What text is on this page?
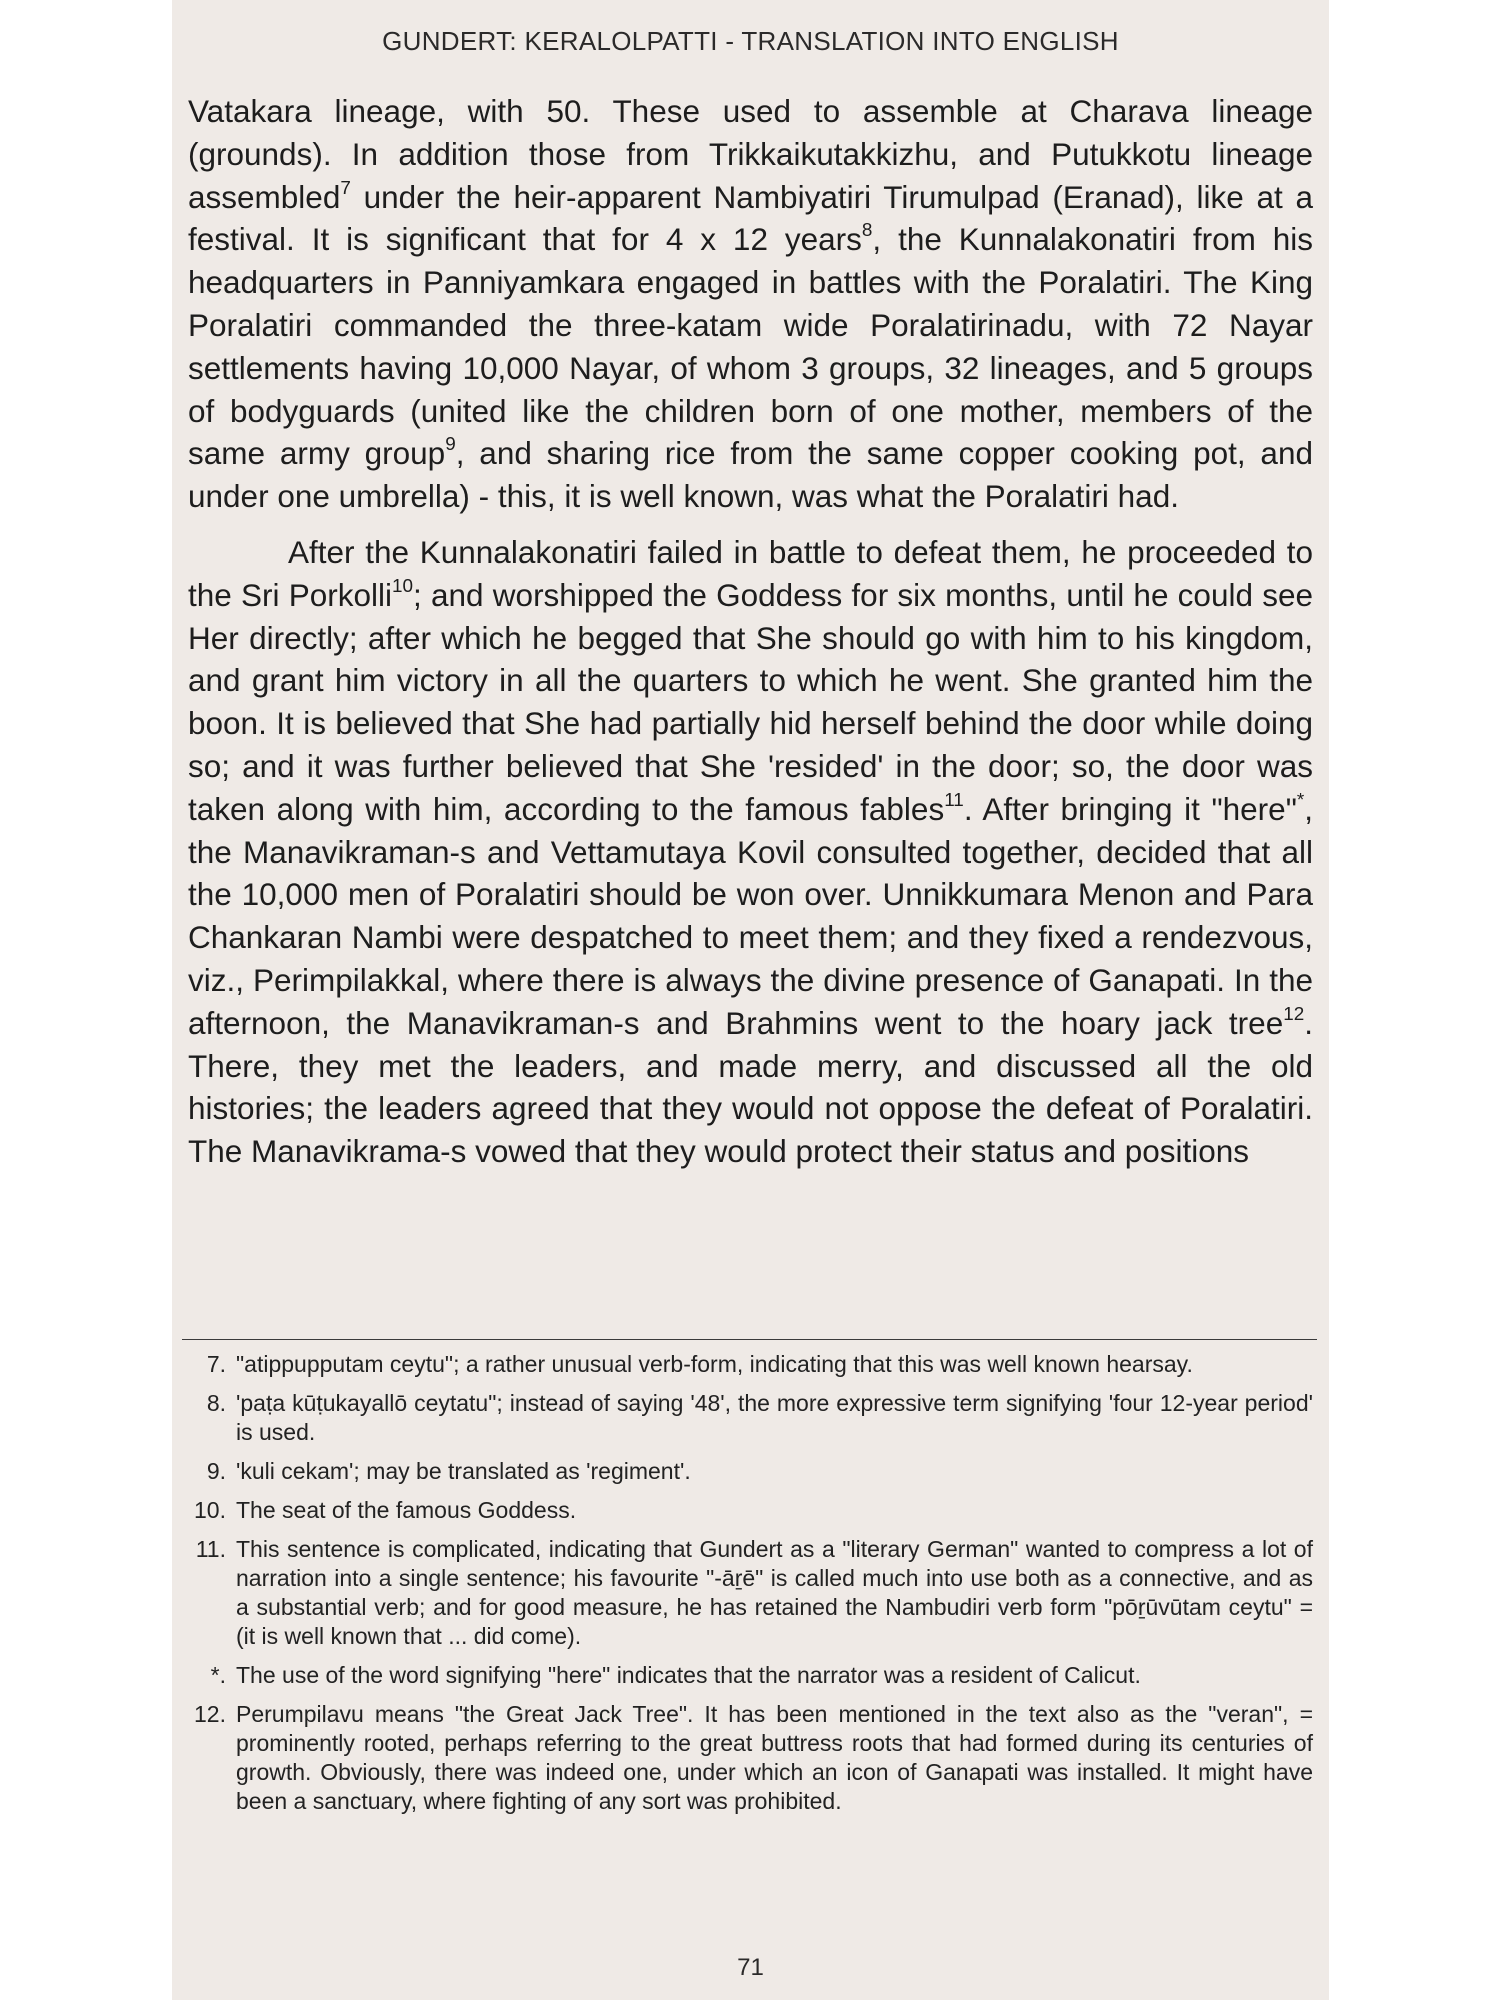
GUNDERT: KERALOLPATTI - TRANSLATION INTO ENGLISH

Vatakara lineage, with 50. These used to assemble at Charava lineage (grounds). In addition those from Trikkaikutakkizhu, and Putukkotu lineage assembled$^7$ under the heir-apparent Nambiyatiri Tirumulpad (Eranad), like at a festival. It is significant that for 4 x 12 years$^8$, the Kunnalakonatiri from his headquarters in Panniyamkara engaged in battles with the Poralatiri. The King Poralatiri commanded the three-katam wide Poralatirinadu, with 72 Nayar settlements having 10,000 Nayar, of whom 3 groups, 32 lineages, and 5 groups of bodyguards (united like the children born of one mother, members of the same army group$^9$, and sharing rice from the same copper cooking pot, and under one umbrella) - this, it is well known, was what the Poralatiri had.

After the Kunnalakonatiri failed in battle to defeat them, he proceeded to the Sri Porkolli$^{10}$; and worshipped the Goddess for six months, until he could see Her directly; after which he begged that She should go with him to his kingdom, and grant him victory in all the quarters to which he went. She granted him the boon. It is believed that She had partially hid herself behind the door while doing so; and it was further believed that She 'resided' in the door; so, the door was taken along with him, according to the famous fables$^{11}$. After bringing it "here"*, the Manavikraman-s and Vettamutaya Kovil consulted together, decided that all the 10,000 men of Poralatiri should be won over. Unnikkumara Menon and Para Chankaran Nambi were despatched to meet them; and they fixed a rendezvous, viz., Perimpilakkal, where there is always the divine presence of Ganapati. In the afternoon, the Manavikraman-s and Brahmins went to the hoary jack tree$^{12}$. There, they met the leaders, and made merry, and discussed all the old histories; the leaders agreed that they would not oppose the defeat of Poralatiri. The Manavikrama-s vowed that they would protect their status and positions

7. "atippupputam ceytu"; a rather unusual verb-form, indicating that this was well known hearsay.
8. 'paṭa kūṭukayallō ceytatu"; instead of saying '48', the more expressive term signifying 'four 12-year period' is used.
9. 'kuli cekam'; may be translated as 'regiment'.
10. The seat of the famous Goddess.
11. This sentence is complicated, indicating that Gundert as a "literary German" wanted to compress a lot of narration into a single sentence; his favourite "-āṟē" is called much into use both as a connective, and as a substantial verb; and for good measure, he has retained the Nambudiri verb form "pōṟūvūtam ceytu" = (it is well known that ... did come).
*. The use of the word signifying "here" indicates that the narrator was a resident of Calicut.
12. Perumpilavu means "the Great Jack Tree". It has been mentioned in the text also as the "veran", = prominently rooted, perhaps referring to the great buttress roots that had formed during its centuries of growth. Obviously, there was indeed one, under which an icon of Ganapati was installed. It might have been a sanctuary, where fighting of any sort was prohibited.
71
